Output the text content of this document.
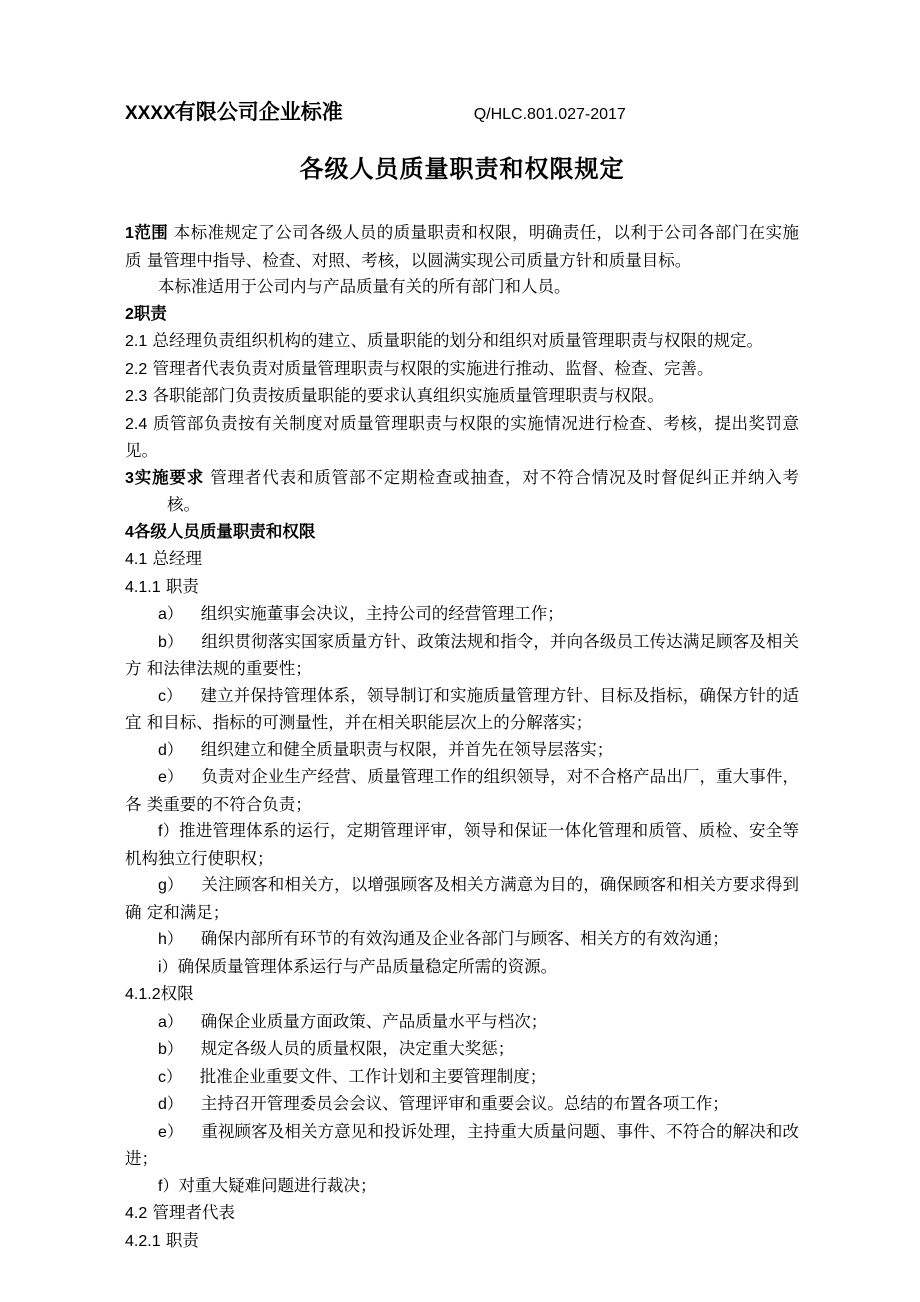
XXXX 有限公司企业标准	Q/HLC.801.027-2017
各级人员质量职责和权限规定

1范围 本标准规定了公司各级人员的质量职责和权限，明确责任，以利于公司各部门在实施质 量管理中指导、检查、对照、考核，以圆满实现公司质量方针和质量目标。

本标准适用于公司内与产品质量有关的所有部门和人员。

2职责

2.1 总经理负责组织机构的建立、质量职能的划分和组织对质量管理职责与权限的规定。

2.2 管理者代表负责对质量管理职责与权限的实施进行推动、监督、检查、完善。

2.3 各职能部门负责按质量职能的要求认真组织实施质量管理职责与权限。

2.4 质管部负责按有关制度对质量管理职责与权限的实施情况进行检查、考核，提出奖罚意见。

3实施要求 管理者代表和质管部不定期检查或抽查，对不符合情况及时督促纠正并纳入考核。

4各级人员质量职责和权限

4.1 总经理

4.1.1 职责

a）    组织实施董事会决议，主持公司的经营管理工作；

b）    组织贯彻落实国家质量方针、政策法规和指令，并向各级员工传达满足顾客及相关方 和法律法规的重要性；

c）    建立并保持管理体系，领导制订和实施质量管理方针、目标及指标，确保方针的适宜 和目标、指标的可测量性，并在相关职能层次上的分解落实；

d）    组织建立和健全质量职责与权限，并首先在领导层落实；

e）    负责对企业生产经营、质量管理工作的组织领导，对不合格产品出厂，重大事件，各 类重要的不符合负责；

f）推进管理体系的运行，定期管理评审，领导和保证一体化管理和质管、质检、安全等 机构独立行使职权；

g）    关注顾客和相关方，以增强顾客及相关方满意为目的，确保顾客和相关方要求得到确 定和满足；

h）    确保内部所有环节的有效沟通及企业各部门与顾客、相关方的有效沟通；

i）确保质量管理体系运行与产品质量稳定所需的资源。

4.1.2权限

a）    确保企业质量方面政策、产品质量水平与档次；

b）    规定各级人员的质量权限，决定重大奖惩；

c）    批准企业重要文件、工作计划和主要管理制度；

d）    主持召开管理委员会会议、管理评审和重要会议。总结的布置各项工作；

e）    重视顾客及相关方意见和投诉处理，主持重大质量问题、事件、不符合的解决和改进；

f）对重大疑难问题进行裁决；

4.2 管理者代表

4.2.1 职责
